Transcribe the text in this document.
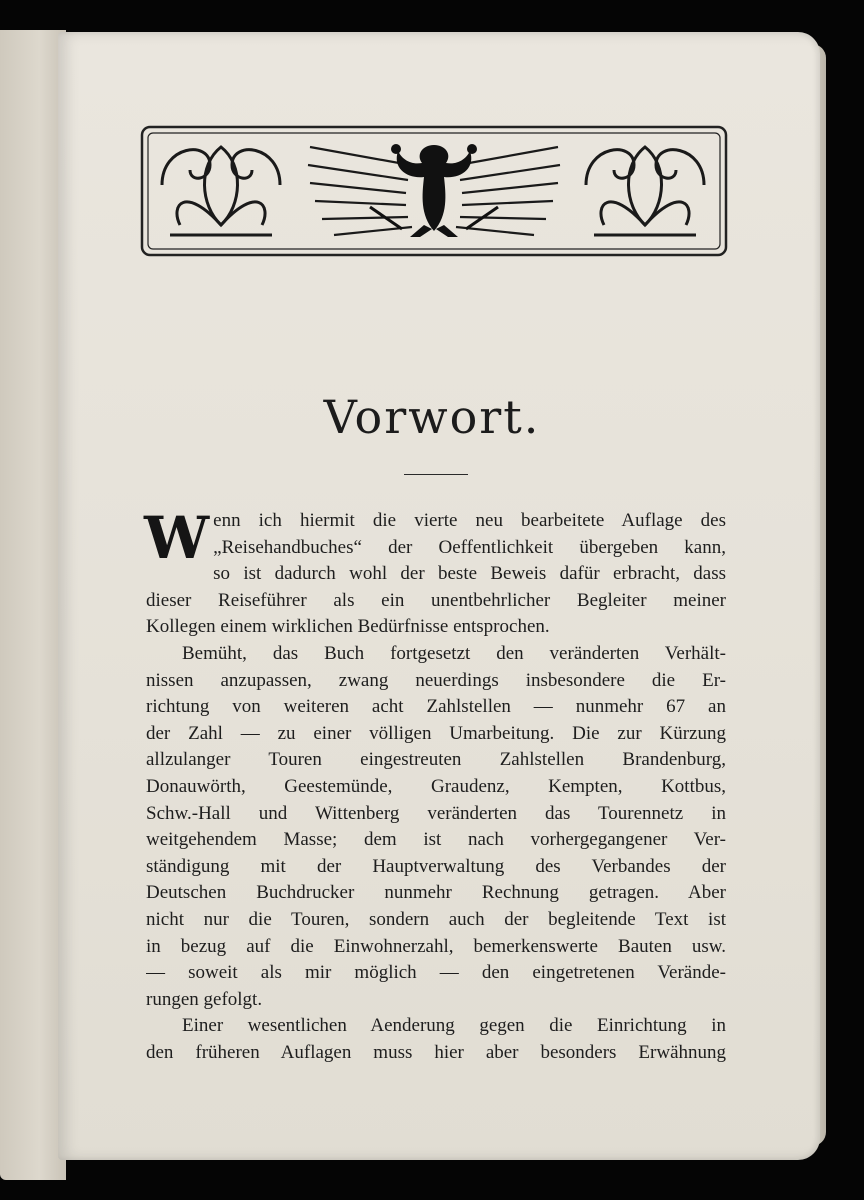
Vorwort.
W enn ich hiermit die vierte neu bearbeitete Auflage des
„Reisehandbuches“ der Oeffentlichkeit übergeben kann,
so ist dadurch wohl der beste Beweis dafür erbracht, dass
dieser Reiseführer als ein unentbehrlicher Begleiter meiner
Kollegen einem wirklichen Bedürfnisse entsprochen.
Bemüht, das Buch fortgesetzt den veränderten Verhält-
nissen anzupassen, zwang neuerdings insbesondere die Er-
richtung von weiteren acht Zahlstellen — nunmehr 67 an
der Zahl — zu einer völligen Umarbeitung. Die zur Kürzung
allzulanger Touren eingestreuten Zahlstellen Brandenburg,
Donauwörth, Geestemünde, Graudenz, Kempten, Kottbus,
Schw.-Hall und Wittenberg veränderten das Tourennetz in
weitgehendem Masse; dem ist nach vorhergegangener Ver-
ständigung mit der Hauptverwaltung des Verbandes der
Deutschen Buchdrucker nunmehr Rechnung getragen. Aber
nicht nur die Touren, sondern auch der begleitende Text ist
in bezug auf die Einwohnerzahl, bemerkenswerte Bauten usw.
— soweit als mir möglich — den eingetretenen Verände-
rungen gefolgt.
Einer wesentlichen Aenderung gegen die Einrichtung in
den früheren Auflagen muss hier aber besonders Erwähnung
